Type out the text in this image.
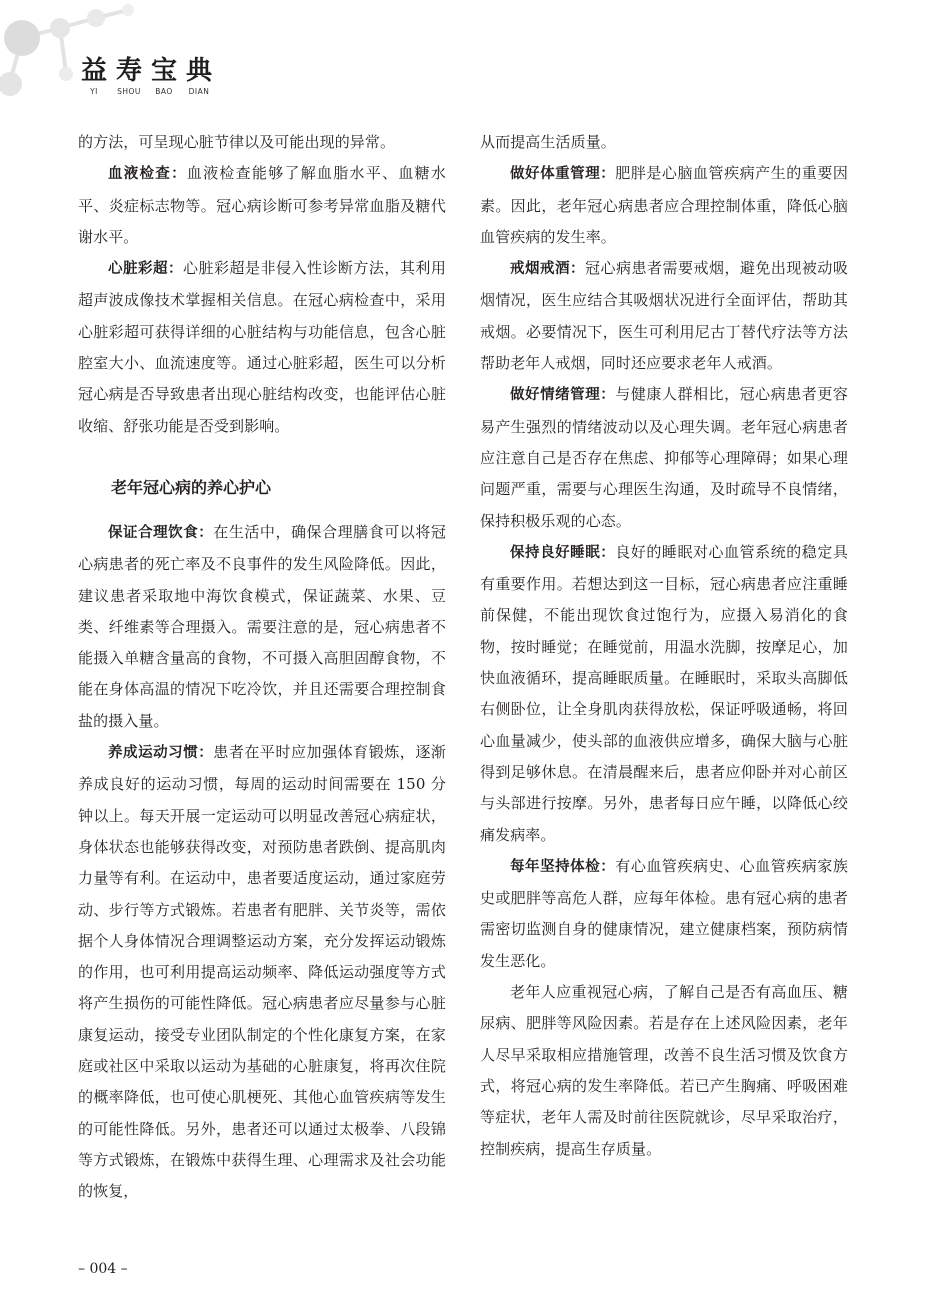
益 寿 宝 典
YI	SHOU	BAO	DIAN

的方法，可呈现心脏节律以及可能出现的异常。

血液检查：血液检查能够了解血脂水平、血糖水平、炎症标志物等。冠心病诊断可参考异常血脂及糖代谢水平。

心脏彩超：心脏彩超是非侵入性诊断方法，其利用超声波成像技术掌握相关信息。在冠心病检查中，采用心脏彩超可获得详细的心脏结构与功能信息，包含心脏腔室大小、血流速度等。通过心脏彩超，医生可以分析冠心病是否导致患者出现心脏结构改变，也能评估心脏收缩、舒张功能是否受到影响。

老年冠心病的养心护心

保证合理饮食：在生活中，确保合理膳食可以将冠心病患者的死亡率及不良事件的发生风险降低。因此，建议患者采取地中海饮食模式，保证蔬菜、水果、豆类、纤维素等合理摄入。需要注意的是，冠心病患者不能摄入单糖含量高的食物，不可摄入高胆固醇食物，不能在身体高温的情况下吃冷饮，并且还需要合理控制食盐的摄入量。

养成运动习惯：患者在平时应加强体育锻炼，逐渐养成良好的运动习惯，每周的运动时间需要在 150 分钟以上。每天开展一定运动可以明显改善冠心病症状，身体状态也能够获得改变，对预防患者跌倒、提高肌肉力量等有利。在运动中，患者要适度运动，通过家庭劳动、步行等方式锻炼。若患者有肥胖、关节炎等，需依据个人身体情况合理调整运动方案，充分发挥运动锻炼的作用，也可利用提高运动频率、降低运动强度等方式将产生损伤的可能性降低。冠心病患者应尽量参与心脏康复运动，接受专业团队制定的个性化康复方案，在家庭或社区中采取以运动为基础的心脏康复，将再次住院的概率降低，也可使心肌梗死、其他心血管疾病等发生的可能性降低。另外，患者还可以通过太极拳、八段锦等方式锻炼，在锻炼中获得生理、心理需求及社会功能的恢复，

从而提高生活质量。

做好体重管理：肥胖是心脑血管疾病产生的重要因素。因此，老年冠心病患者应合理控制体重，降低心脑血管疾病的发生率。

戒烟戒酒：冠心病患者需要戒烟，避免出现被动吸烟情况，医生应结合其吸烟状况进行全面评估，帮助其戒烟。必要情况下，医生可利用尼古丁替代疗法等方法帮助老年人戒烟，同时还应要求老年人戒酒。

做好情绪管理：与健康人群相比，冠心病患者更容易产生强烈的情绪波动以及心理失调。老年冠心病患者应注意自己是否存在焦虑、抑郁等心理障碍；如果心理问题严重，需要与心理医生沟通，及时疏导不良情绪，保持积极乐观的心态。

保持良好睡眠：良好的睡眠对心血管系统的稳定具有重要作用。若想达到这一目标，冠心病患者应注重睡前保健，不能出现饮食过饱行为，应摄入易消化的食物，按时睡觉；在睡觉前，用温水洗脚，按摩足心，加快血液循环，提高睡眠质量。在睡眠时，采取头高脚低右侧卧位，让全身肌肉获得放松，保证呼吸通畅，将回心血量减少，使头部的血液供应增多，确保大脑与心脏得到足够休息。在清晨醒来后，患者应仰卧并对心前区与头部进行按摩。另外，患者每日应午睡，以降低心绞痛发病率。

每年坚持体检：有心血管疾病史、心血管疾病家族史或肥胖等高危人群，应每年体检。患有冠心病的患者需密切监测自身的健康情况，建立健康档案，预防病情发生恶化。

老年人应重视冠心病，了解自己是否有高血压、糖尿病、肥胖等风险因素。若是存在上述风险因素，老年人尽早采取相应措施管理，改善不良生活习惯及饮食方式，将冠心病的发生率降低。若已产生胸痛、呼吸困难等症状，老年人需及时前往医院就诊，尽早采取治疗，控制疾病，提高生存质量。

– 004 –
